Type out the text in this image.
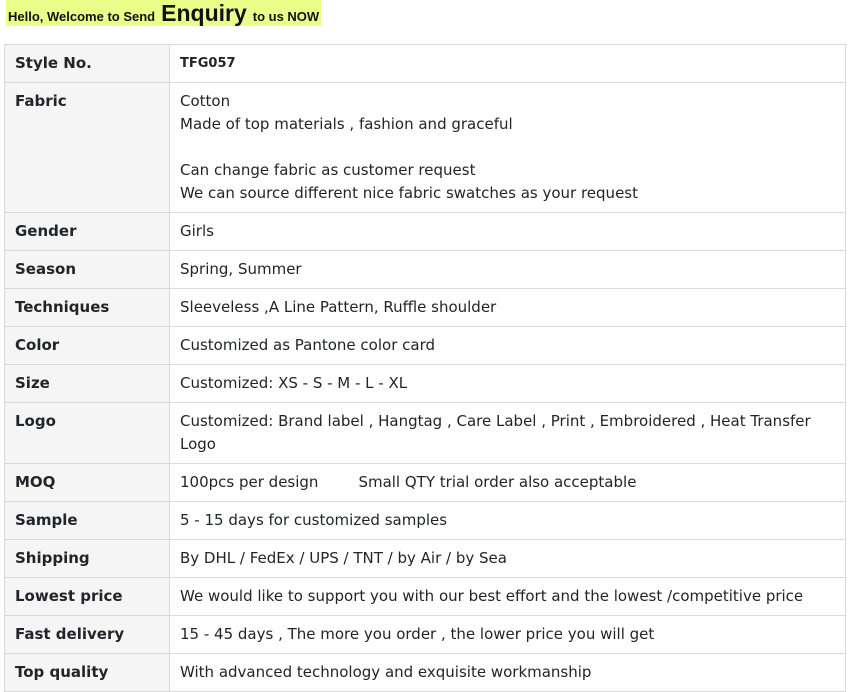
Hello, Welcome to Send Enquiry to us NOW
Style No.	TFG057
Fabric	Cotton
Made of top materials , fashion and graceful
Can change fabric as customer request
We can source different nice fabric swatches as your request

Gender	Girls
Season	Spring, Summer
Techniques	Sleeveless ,A Line Pattern, Ruffle shoulder
Color	Customized as Pantone color card
Size	Customized: XS - S - M - L - XL
Logo	Customized: Brand label , Hangtag , Care Label , Print , Embroidered , Heat Transfer Logo
MOQ	100pcs per design Small QTY trial order also acceptable
Sample	5 - 15 days for customized samples
Shipping	By DHL / FedEx / UPS / TNT / by Air / by Sea
Lowest price	We would like to support you with our best effort and the lowest /competitive price
Fast delivery	15 - 45 days , The more you order , the lower price you will get
Top quality	With advanced technology and exquisite workmanship
